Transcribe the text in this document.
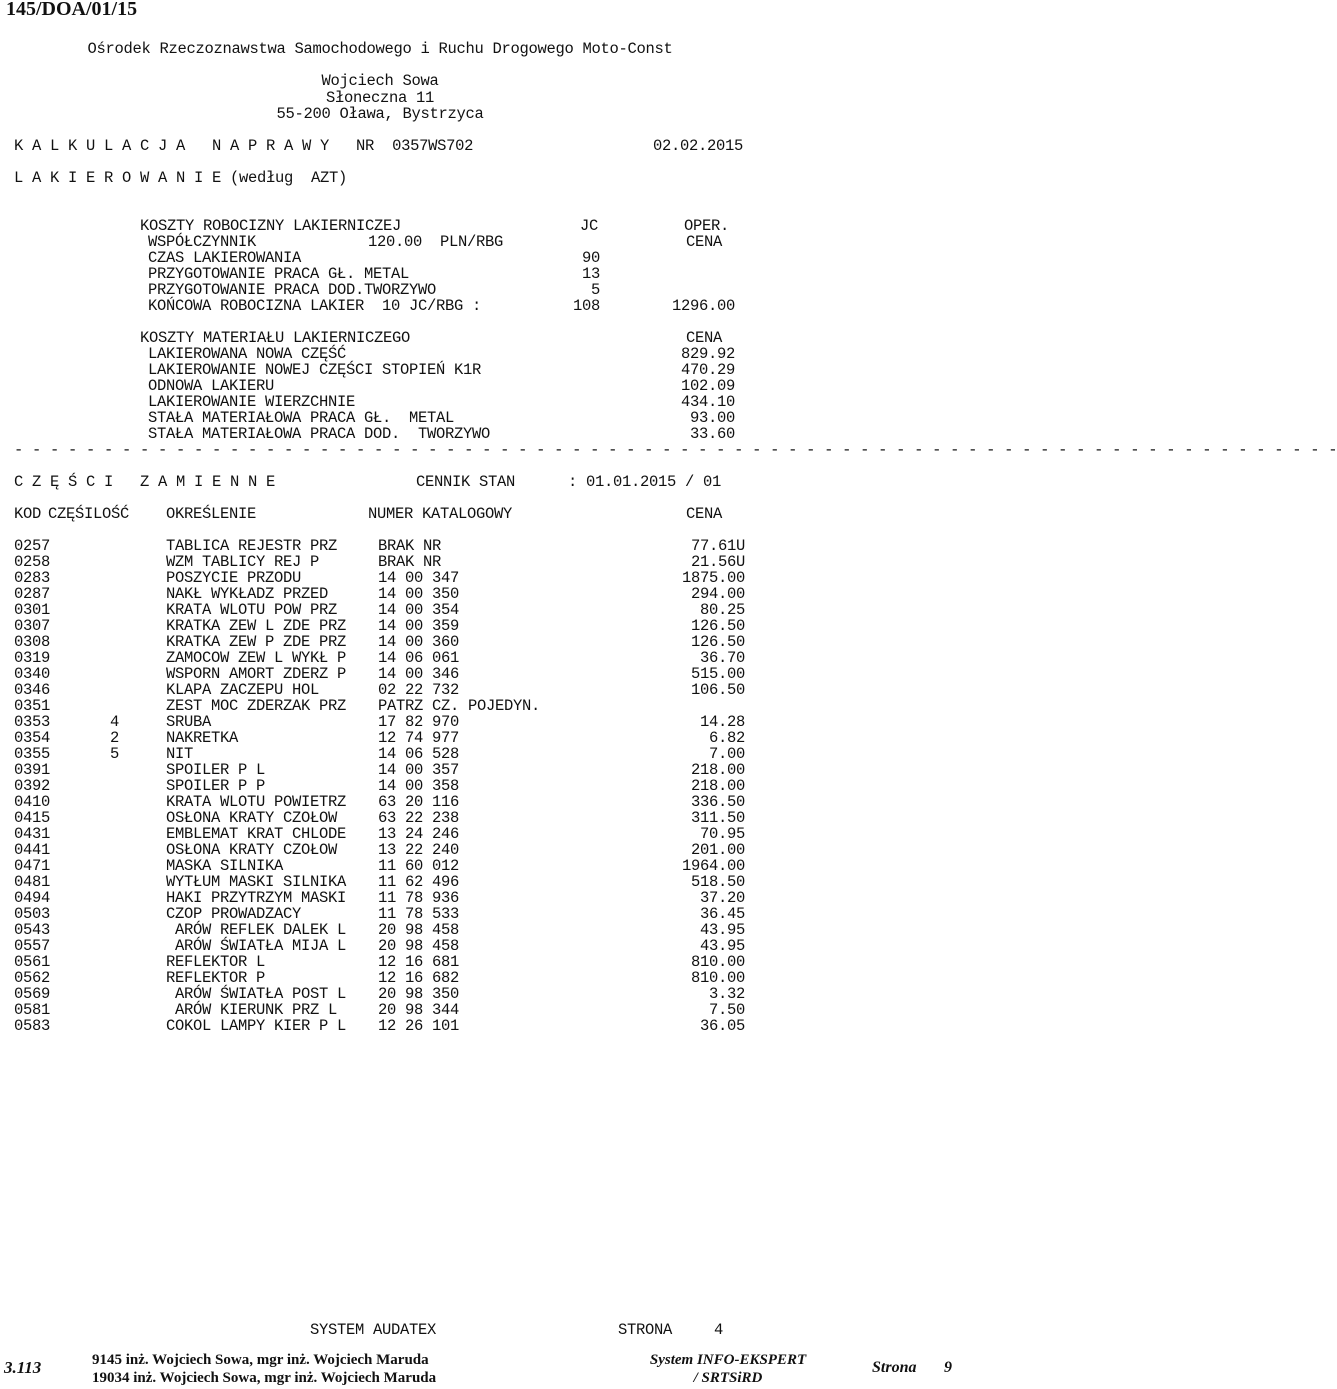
145/DOA/01/15
Ośrodek Rzeczoznawstwa Samochodowego i Ruchu Drogowego Moto-Const
Wojciech Sowa
Słoneczna 11
55-200 Oława, Bystrzyca
K A L K U L A C J A   N A P R A W Y   NR  0357WS702	02.02.2015
L A K I E R O W A N I E (według  AZT)
KOSZTY ROBOCIZNY LAKIERNICZEJ	JC	OPER.
WSPÓŁCZYNNIK	120.00  PLN/RBG	CENA
CZAS LAKIEROWANIA	90
PRZYGOTOWANIE PRACA GŁ. METAL	13
PRZYGOTOWANIE PRACA DOD.TWORZYWO	5
KOŃCOWA ROBOCIZNA LAKIER  10 JC/RBG :	108	1296.00
KOSZTY MATERIAŁU LAKIERNICZEGO	CENA
LAKIEROWANA NOWA CZĘŚĆ	829.92
LAKIEROWANIE NOWEJ CZĘŚCI STOPIEŃ K1R	470.29
ODNOWA LAKIERU	102.09
LAKIEROWANIE WIERZCHNIE	434.10
STAŁA MATERIAŁOWA PRACA GŁ.  METAL	93.00
STAŁA MATERIAŁOWA PRACA DOD.  TWORZYWO	33.60
- - - - - - - - - - - - - - - - - - - - - - - - - - - - - - - - - - - - - - - - - - - - - - - - - - - - - - - - - - - - - - - - - - - - - - - - - -
C Z Ę Ś C I   Z A M I E N N E	CENNIK STAN	: 01.01.2015 / 01
KOD CZĘŚILOŚĆ OKREŚLENIE	NUMER KATALOGOWY	CENA
0257	TABLICA REJESTR PRZ	BRAK NR	77.61U
0258	WZM TABLICY REJ P	BRAK NR	21.56U
0283	POSZYCIE PRZODU	14 00 347	1875.00
0287	NAKŁ WYKŁADZ PRZED	14 00 350	294.00
0301	KRATA WLOTU POW PRZ	14 00 354	80.25
0307	KRATKA ZEW L ZDE PRZ	14 00 359	126.50
0308	KRATKA ZEW P ZDE PRZ	14 00 360	126.50
0319	ZAMOCOW ZEW L WYKŁ P	14 06 061	36.70
0340	WSPORN AMORT ZDERZ P	14 00 346	515.00
0346	KLAPA ZACZEPU HOL	02 22 732	106.50
0351	ZEST MOC ZDERZAK PRZ	PATRZ CZ. POJEDYN.
0353	4	SRUBA	17 82 970	14.28
0354	2	NAKRETKA	12 74 977	6.82
0355	5	NIT	14 06 528	7.00
0391	SPOILER P L	14 00 357	218.00
0392	SPOILER P P	14 00 358	218.00
0410	KRATA WLOTU POWIETRZ	63 20 116	336.50
0415	OSŁONA KRATY CZOŁOW	63 22 238	311.50
0431	EMBLEMAT KRAT CHLODE	13 24 246	70.95
0441	OSŁONA KRATY CZOŁOW	13 22 240	201.00
0471	MASKA SILNIKA	11 60 012	1964.00
0481	WYTŁUM MASKI SILNIKA	11 62 496	518.50
0494	HAKI PRZYTRZYM MASKI	11 78 936	37.20
0503	CZOP PROWADZACY	11 78 533	36.45
0543	ARÓW REFLEK DALEK L	20 98 458	43.95
0557	ARÓW ŚWIATŁA MIJA L	20 98 458	43.95
0561	REFLEKTOR L	12 16 681	810.00
0562	REFLEKTOR P	12 16 682	810.00
0569	ARÓW ŚWIATŁA POST L	20 98 350	3.32
0581	ARÓW KIERUNK PRZ L	20 98 344	7.50
0583	COKOL LAMPY KIER P L	12 26 101	36.05
SYSTEM AUDATEX	STRONA	4
3.113	9145 inż. Wojciech Sowa, mgr inż. Wojciech Maruda
19034 inż. Wojciech Sowa, mgr inż. Wojciech Maruda
System INFO-EKSPERT
/ SRTSiRD
Strona 9
